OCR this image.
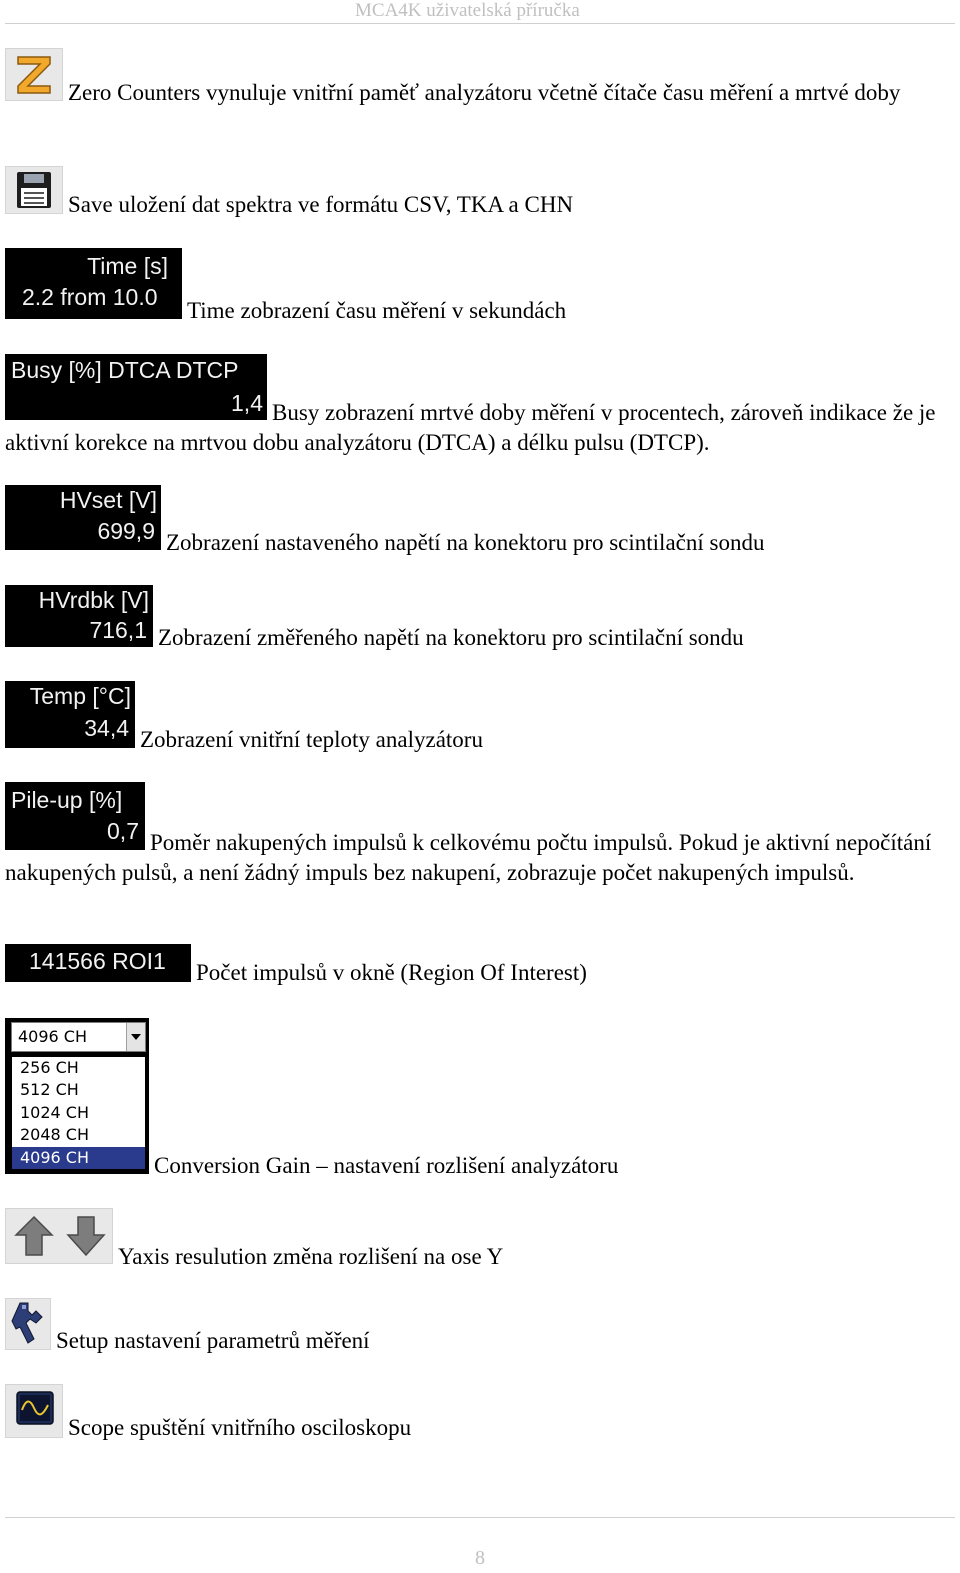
MCA4K uživatelská příručka
Zero Counters vynuluje vnitřní paměť analyzátoru včetně čítače času měření a mrtvé doby
Save uložení dat spektra ve formátu CSV, TKA a CHN
Time [s]
2.2 from 10.0
Time zobrazení času měření v sekundách
Busy [%] DTCA DTCP
1,4 Busy zobrazení mrtvé doby měření v procentech, zároveň indikace že je aktivní korekce na mrtvou dobu analyzátoru (DTCA) a délku pulsu (DTCP).
HVset [V]
699,9 Zobrazení nastaveného napětí na konektoru pro scintilační sondu
HVrdbk [V]
716,1 Zobrazení změřeného napětí na konektoru pro scintilační sondu
Temp [°C]
34,4 Zobrazení vnitřní teploty analyzátoru
Pile-up [%]
0,7 Poměr nakupených impulsů k celkovému počtu impulsů. Pokud je aktivní nepočítání nakupených pulsů, a není žádný impuls bez nakupení, zobrazuje počet nakupených impulsů.
141566 ROI1	Počet impulsů v okně (Region Of Interest)
4096 CH
256 CH
512 CH
1024 CH
2048 CH
4096 CH	Conversion Gain – nastavení rozlišení analyzátoru
Yaxis resulution změna rozlišení na ose Y
Setup nastavení parametrů měření
Scope spuštění vnitřního osciloskopu
8
